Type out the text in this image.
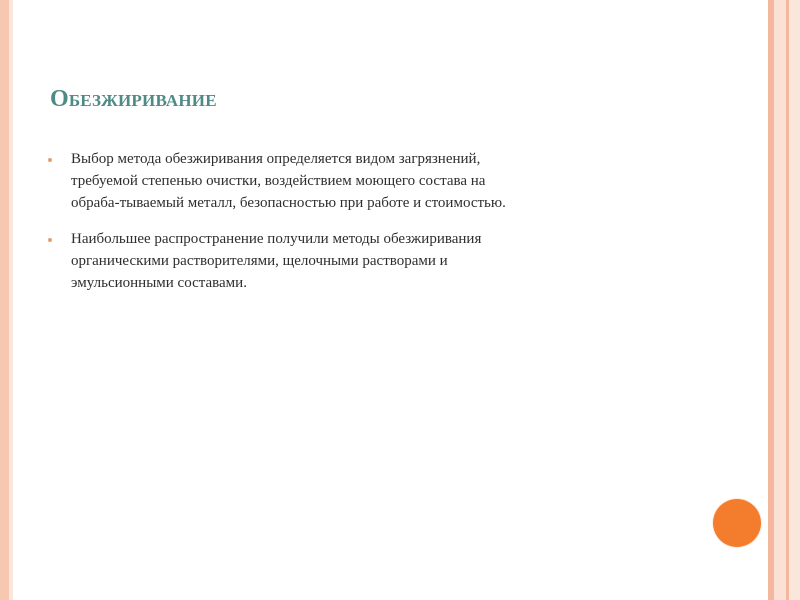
Обезжиривание
Выбор метода обезжиривания определяется видом загрязнений,
требуемой степенью очистки, воздействием моющего состава на
обраба-тываемый металл, безопасностью при работе и стоимостью.
Наибольшее распространение получили методы обезжиривания
органическими растворителями, щелочными растворами и
эмульсионными составами.
